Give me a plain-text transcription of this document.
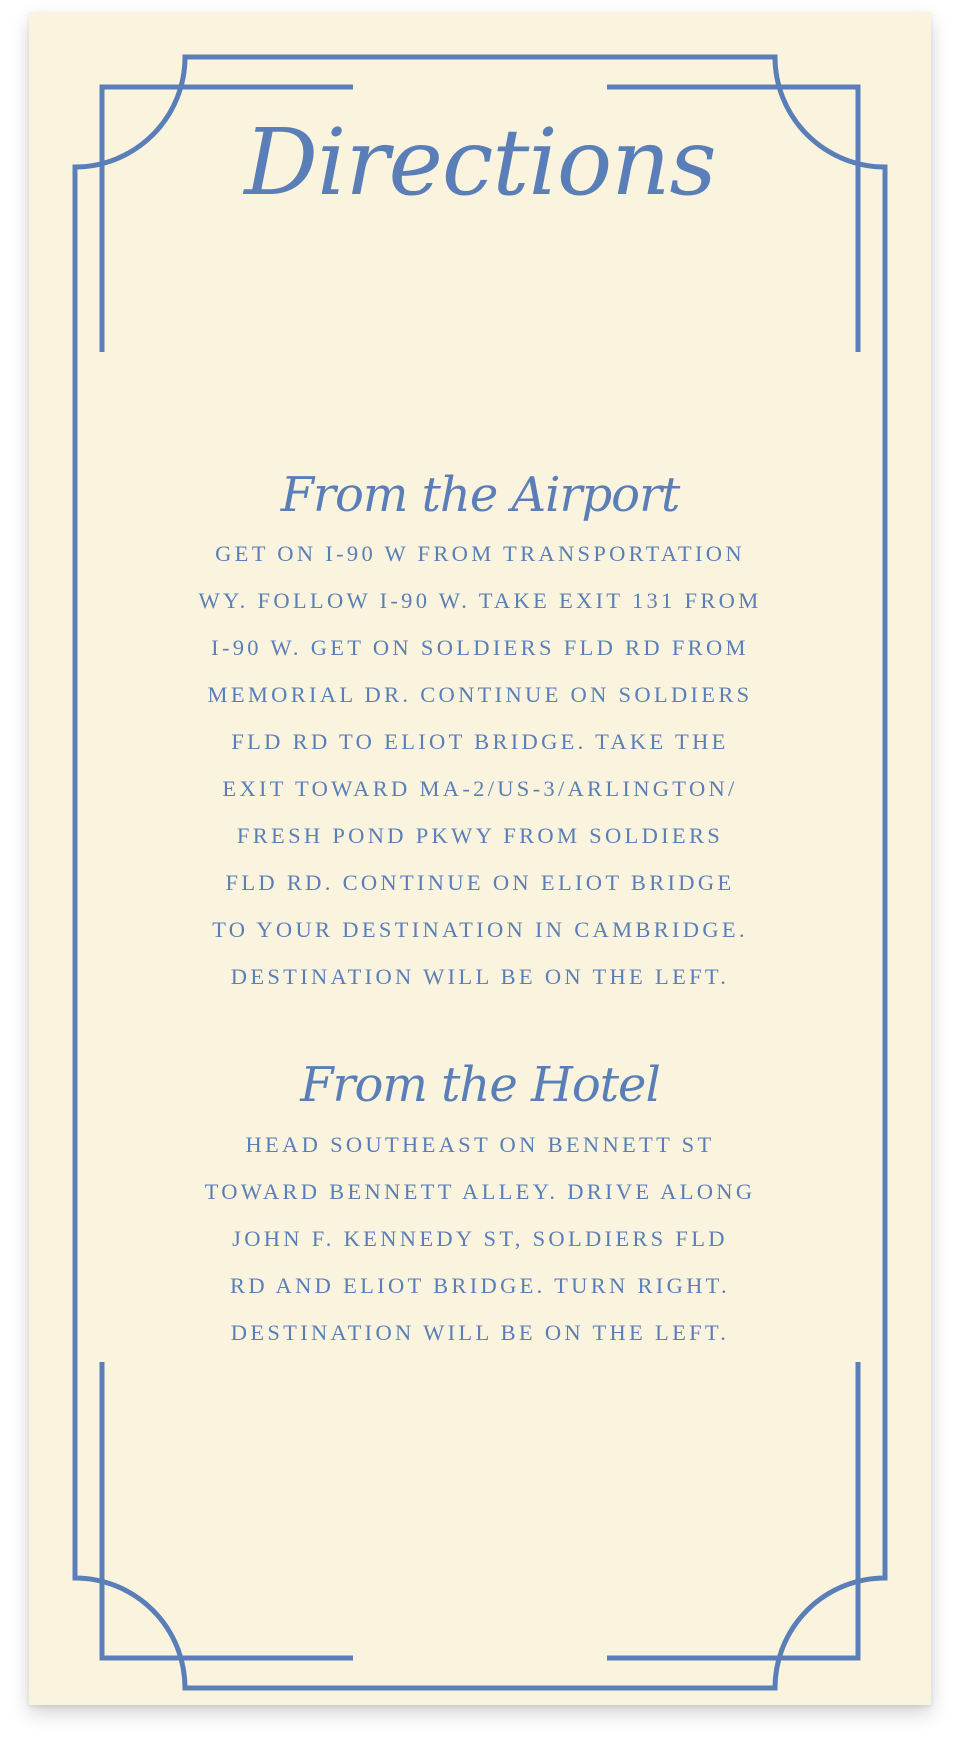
Directions
From the Airport
GET ON I-90 W FROM TRANSPORTATION
WY. FOLLOW I-90 W. TAKE EXIT 131 FROM
I-90 W. GET ON SOLDIERS FLD RD FROM
MEMORIAL DR. CONTINUE ON SOLDIERS
FLD RD TO ELIOT BRIDGE. TAKE THE
EXIT TOWARD MA-2/US-3/ARLINGTON/
FRESH POND PKWY FROM SOLDIERS
FLD RD. CONTINUE ON ELIOT BRIDGE
TO YOUR DESTINATION IN CAMBRIDGE.
DESTINATION WILL BE ON THE LEFT.
From the Hotel
HEAD SOUTHEAST ON BENNETT ST
TOWARD BENNETT ALLEY. DRIVE ALONG
JOHN F. KENNEDY ST, SOLDIERS FLD
RD AND ELIOT BRIDGE. TURN RIGHT.
DESTINATION WILL BE ON THE LEFT.
